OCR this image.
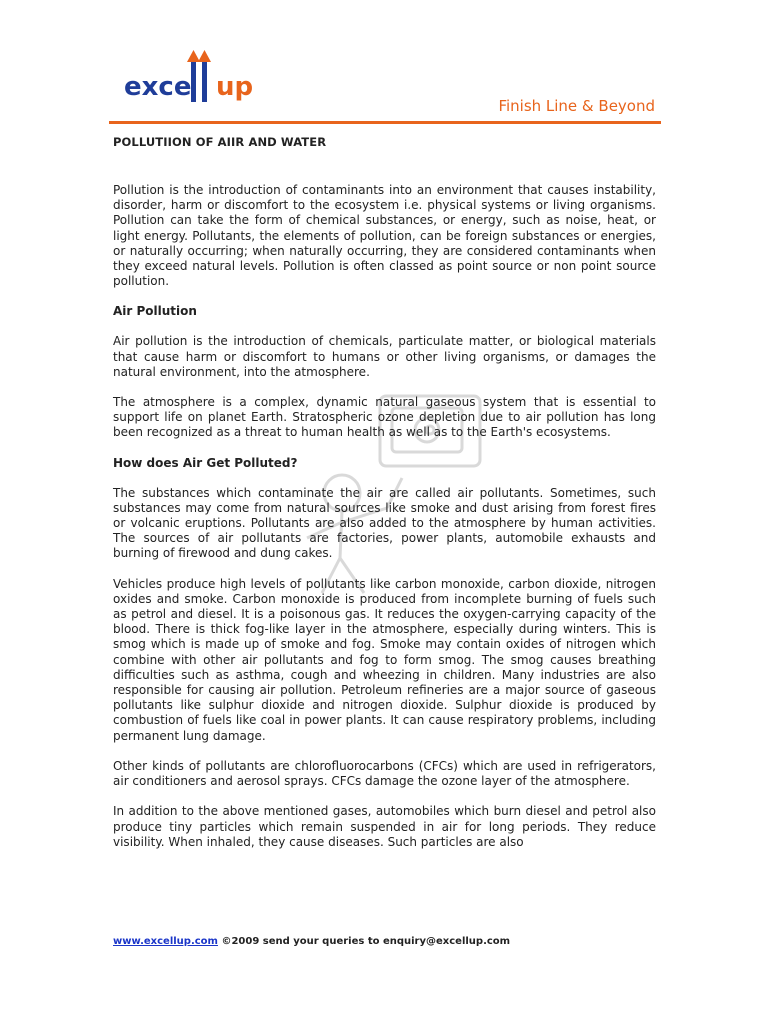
exce up
Finish Line & Beyond
POLLUTIION OF AIIR AND WATER

Pollution is the introduction of contaminants into an environment that causes instability, disorder, harm or discomfort to the ecosystem i.e. physical systems or living organisms. Pollution can take the form of chemical substances, or energy, such as noise, heat, or light energy. Pollutants, the elements of pollution, can be foreign substances or energies, or naturally occurring; when naturally occurring, they are considered contaminants when they exceed natural levels. Pollution is often classed as point source or non point source pollution.

Air Pollution

Air pollution is the introduction of chemicals, particulate matter, or biological materials that cause harm or discomfort to humans or other living organisms, or damages the natural environment, into the atmosphere.

The atmosphere is a complex, dynamic natural gaseous system that is essential to support life on planet Earth. Stratospheric ozone depletion due to air pollution has long been recognized as a threat to human health as well as to the Earth's ecosystems.

How does Air Get Polluted?

The substances which contaminate the air are called air pollutants. Sometimes, such substances may come from natural sources like smoke and dust arising from forest fires or volcanic eruptions. Pollutants are also added to the atmosphere by human activities. The sources of air pollutants are factories, power plants, automobile exhausts and burning of firewood and dung cakes.

Vehicles produce high levels of pollutants like carbon monoxide, carbon dioxide, nitrogen oxides and smoke. Carbon monoxide is produced from incomplete burning of fuels such as petrol and diesel. It is a poisonous gas. It reduces the oxygen-carrying capacity of the blood. There is thick fog-like layer in the atmosphere, especially during winters. This is smog which is made up of smoke and fog. Smoke may contain oxides of nitrogen which combine with other air pollutants and fog to form smog. The smog causes breathing difficulties such as asthma, cough and wheezing in children. Many industries are also responsible for causing air pollution. Petroleum refineries are a major source of gaseous pollutants like sulphur dioxide and nitrogen dioxide. Sulphur dioxide is produced by combustion of fuels like coal in power plants. It can cause respiratory problems, including permanent lung damage.

Other kinds of pollutants are chlorofluorocarbons (CFCs) which are used in refrigerators, air conditioners and aerosol sprays. CFCs damage the ozone layer of the atmosphere.

In addition to the above mentioned gases, automobiles which burn diesel and petrol also produce tiny particles which remain suspended in air for long periods. They reduce visibility. When inhaled, they cause diseases. Such particles are also

www.excellup.com ©2009 send your queries to enquiry@excellup.com
